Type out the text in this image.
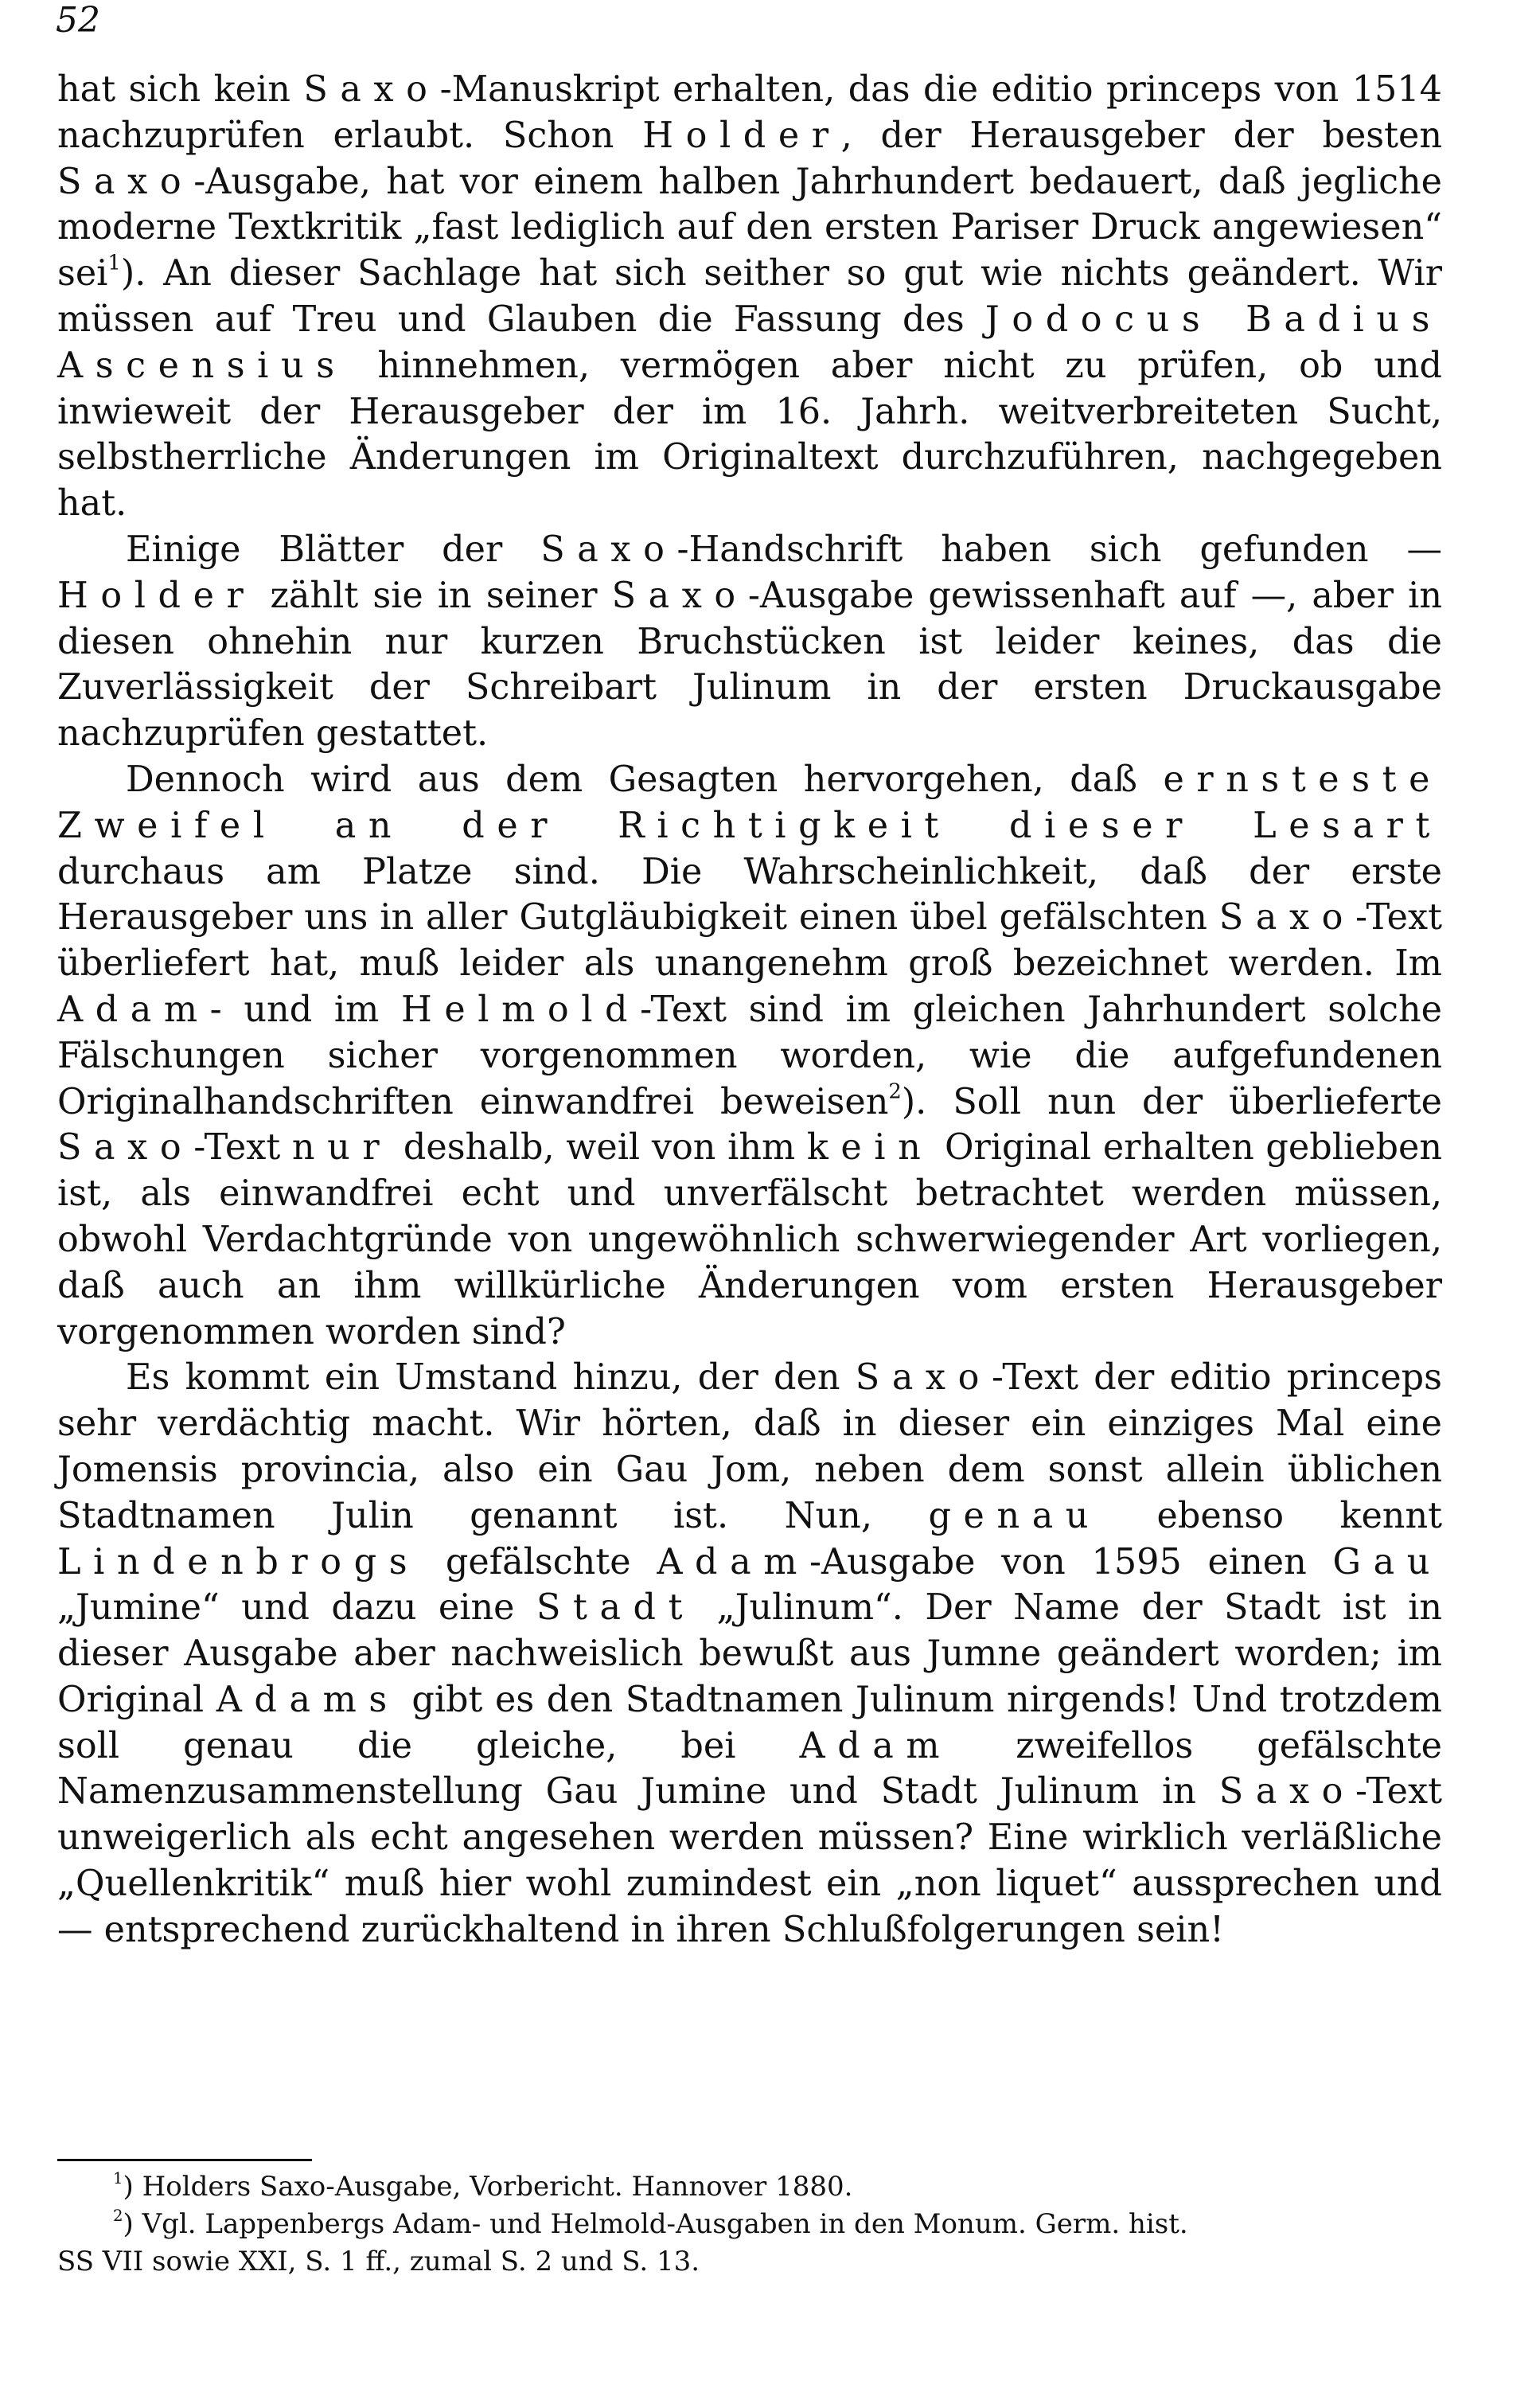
52

hat sich kein Saxo-Manuskript erhalten, das die editio princeps von 1514 nachzuprüfen erlaubt. Schon Holder, der Herausgeber der besten Saxo-Ausgabe, hat vor einem halben Jahrhundert bedauert, daß jegliche moderne Textkritik „fast lediglich auf den ersten Pariser Druck angewiesen“ sei$^1$). An dieser Sachlage hat sich seither so gut wie nichts geändert. Wir müssen auf Treu und Glauben die Fassung des Jodocus Badius Ascensius hinnehmen, vermögen aber nicht zu prüfen, ob und inwieweit der Herausgeber der im 16. Jahrh. weitverbreiteten Sucht, selbstherrliche Änderungen im Originaltext durchzuführen, nachgegeben hat.

Einige Blätter der Saxo-Handschrift haben sich gefunden — Holder zählt sie in seiner Saxo-Ausgabe gewissenhaft auf —, aber in diesen ohnehin nur kurzen Bruchstücken ist leider keines, das die Zuverlässigkeit der Schreibart Julinum in der ersten Druckausgabe nachzuprüfen gestattet.

Dennoch wird aus dem Gesagten hervorgehen, daß ernsteste Zweifel an der Richtigkeit dieser Lesart durchaus am Platze sind. Die Wahrscheinlichkeit, daß der erste Herausgeber uns in aller Gutgläubigkeit einen übel gefälschten Saxo-Text überliefert hat, muß leider als unangenehm groß bezeichnet werden. Im Adam- und im Helmold-Text sind im gleichen Jahrhundert solche Fälschungen sicher vorgenommen worden, wie die aufgefundenen Originalhandschriften einwandfrei beweisen$^2$). Soll nun der überlieferte Saxo-Text nur deshalb, weil von ihm kein Original erhalten geblieben ist, als einwandfrei echt und unverfälscht betrachtet werden müssen, obwohl Verdachtgründe von ungewöhnlich schwerwiegender Art vorliegen, daß auch an ihm willkürliche Änderungen vom ersten Herausgeber vorgenommen worden sind?

Es kommt ein Umstand hinzu, der den Saxo-Text der editio princeps sehr verdächtig macht. Wir hörten, daß in dieser ein einziges Mal eine Jomensis provincia, also ein Gau Jom, neben dem sonst allein üblichen Stadtnamen Julin genannt ist. Nun, genau ebenso kennt Lindenbrogs gefälschte Adam-Ausgabe von 1595 einen Gau „Jumine“ und dazu eine Stadt „Julinum“. Der Name der Stadt ist in dieser Ausgabe aber nachweislich bewußt aus Jumne geändert worden; im Original Adams gibt es den Stadtnamen Julinum nirgends! Und trotzdem soll genau die gleiche, bei Adam zweifellos gefälschte Namenzusammenstellung Gau Jumine und Stadt Julinum in Saxo-Text unweigerlich als echt angesehen werden müssen? Eine wirklich verläßliche „Quellenkritik“ muß hier wohl zumindest ein „non liquet“ aussprechen und — entsprechend zurückhaltend in ihren Schlußfolgerungen sein!

$^1$) Holders Saxo-Ausgabe, Vorbericht. Hannover 1880.

$^2$) Vgl. Lappenbergs Adam- und Helmold-Ausgaben in den Monum. Germ. hist.

SS VII sowie XXI, S. 1 ff., zumal S. 2 und S. 13.
